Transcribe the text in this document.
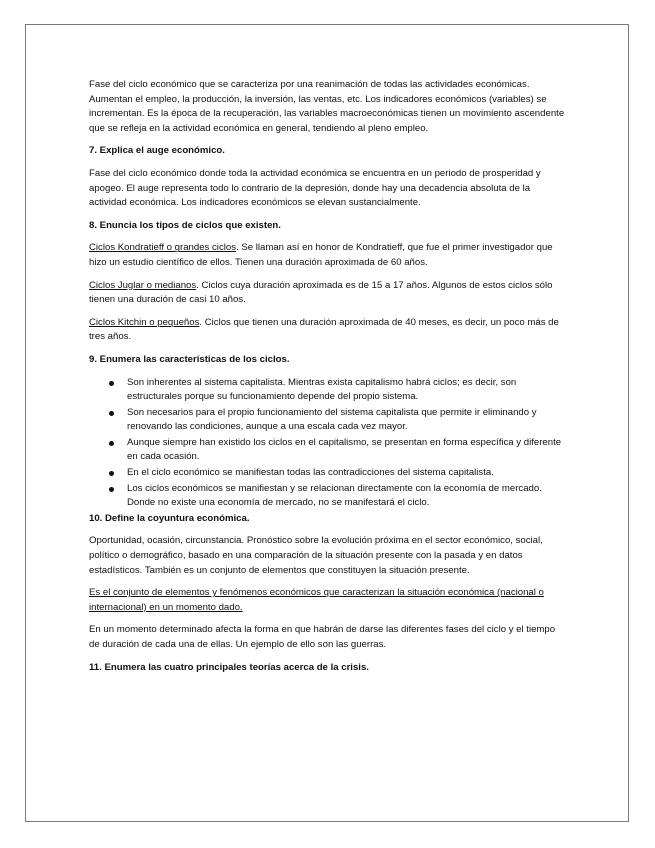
Fase del ciclo económico que se caracteriza por una reanimación de todas las actividades económicas. Aumentan el empleo, la producción, la inversión, las ventas, etc. Los indicadores económicos (variables) se incrementan. Es la época de la recuperación, las variables macroeconómicas tienen un movimiento ascendente que se refleja en la actividad económica en general, tendiendo al pleno empleo.

7. Explica el auge económico.

Fase del ciclo económico donde toda la actividad económica se encuentra en un periodo de prosperidad y apogeo. El auge representa todo lo contrario de la depresión, donde hay una decadencia absoluta de la actividad económica. Los indicadores económicos se elevan sustancialmente.

8. Enuncia los tipos de ciclos que existen.

Ciclos Kondratieff o grandes ciclos. Se llaman así en honor de Kondratieff, que fue el primer investigador que hizo un estudio científico de ellos. Tienen una duración aproximada de 60 años.

Ciclos Juglar o medianos. Ciclos cuya duración aproximada es de 15 a 17 años. Algunos de estos ciclos sólo tienen una duración de casi 10 años.

Ciclos Kitchin o pequeños. Ciclos que tienen una duración aproximada de 40 meses, es decir, un poco más de tres años.

9. Enumera las características de los ciclos.
Son inherentes al sistema capitalista. Mientras exista capitalismo habrá ciclos; es decir, son estructurales porque su funcionamiento depende del propio sistema.
Son necesarios para el propio funcionamiento del sistema capitalista que permite ir eliminando y renovando las condiciones, aunque a una escala cada vez mayor.
Aunque siempre han existido los ciclos en el capitalismo, se presentan en forma específica y diferente en cada ocasión.
En el ciclo económico se manifiestan todas las contradicciones del sistema capitalista.
Los ciclos económicos se manifiestan y se relacionan directamente con la economía de mercado. Donde no existe una economía de mercado, no se manifestará el ciclo.
10. Define la coyuntura económica.

Oportunidad, ocasión, circunstancia. Pronóstico sobre la evolución próxima en el sector económico, social, político o demográfico, basado en una comparación de la situación presente con la pasada y en datos estadísticos. También es un conjunto de elementos que constituyen la situación presente.

Es el conjunto de elementos y fenómenos económicos que caracterizan la situación económica (nacional o internacional) en un momento dado.

En un momento determinado afecta la forma en que habrán de darse las diferentes fases del ciclo y el tiempo de duración de cada una de ellas. Un ejemplo de ello son las guerras.

11. Enumera las cuatro principales teorías acerca de la crisis.
